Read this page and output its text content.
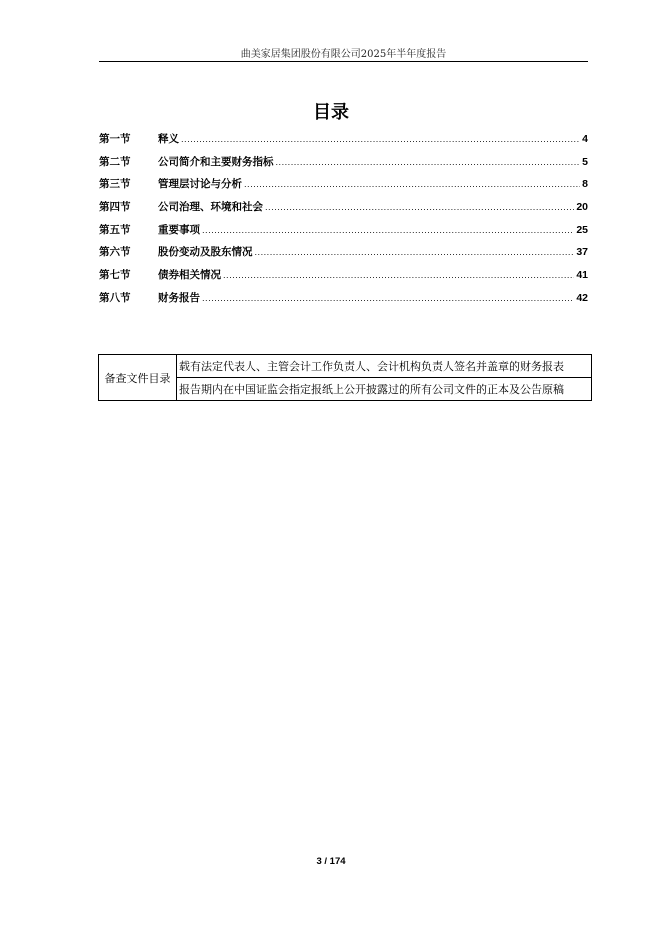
曲美家居集团股份有限公司2025年半年度报告
目录
第一节	释义 .....	4
第二节	公司简介和主要财务指标 .....	5
第三节	管理层讨论与分析 .....	8
第四节	公司治理、环境和社会 .....	20
第五节	重要事项 .....	25
第六节	股份变动及股东情况 .....	37
第七节	债券相关情况 .....	41
第八节	财务报告 .....	42
备查文件目录	载有法定代表人、主管会计工作负责人、会计机构负责人签名并盖章的财务报表
报告期内在中国证监会指定报纸上公开披露过的所有公司文件的正本及公告原稿
3 / 174
